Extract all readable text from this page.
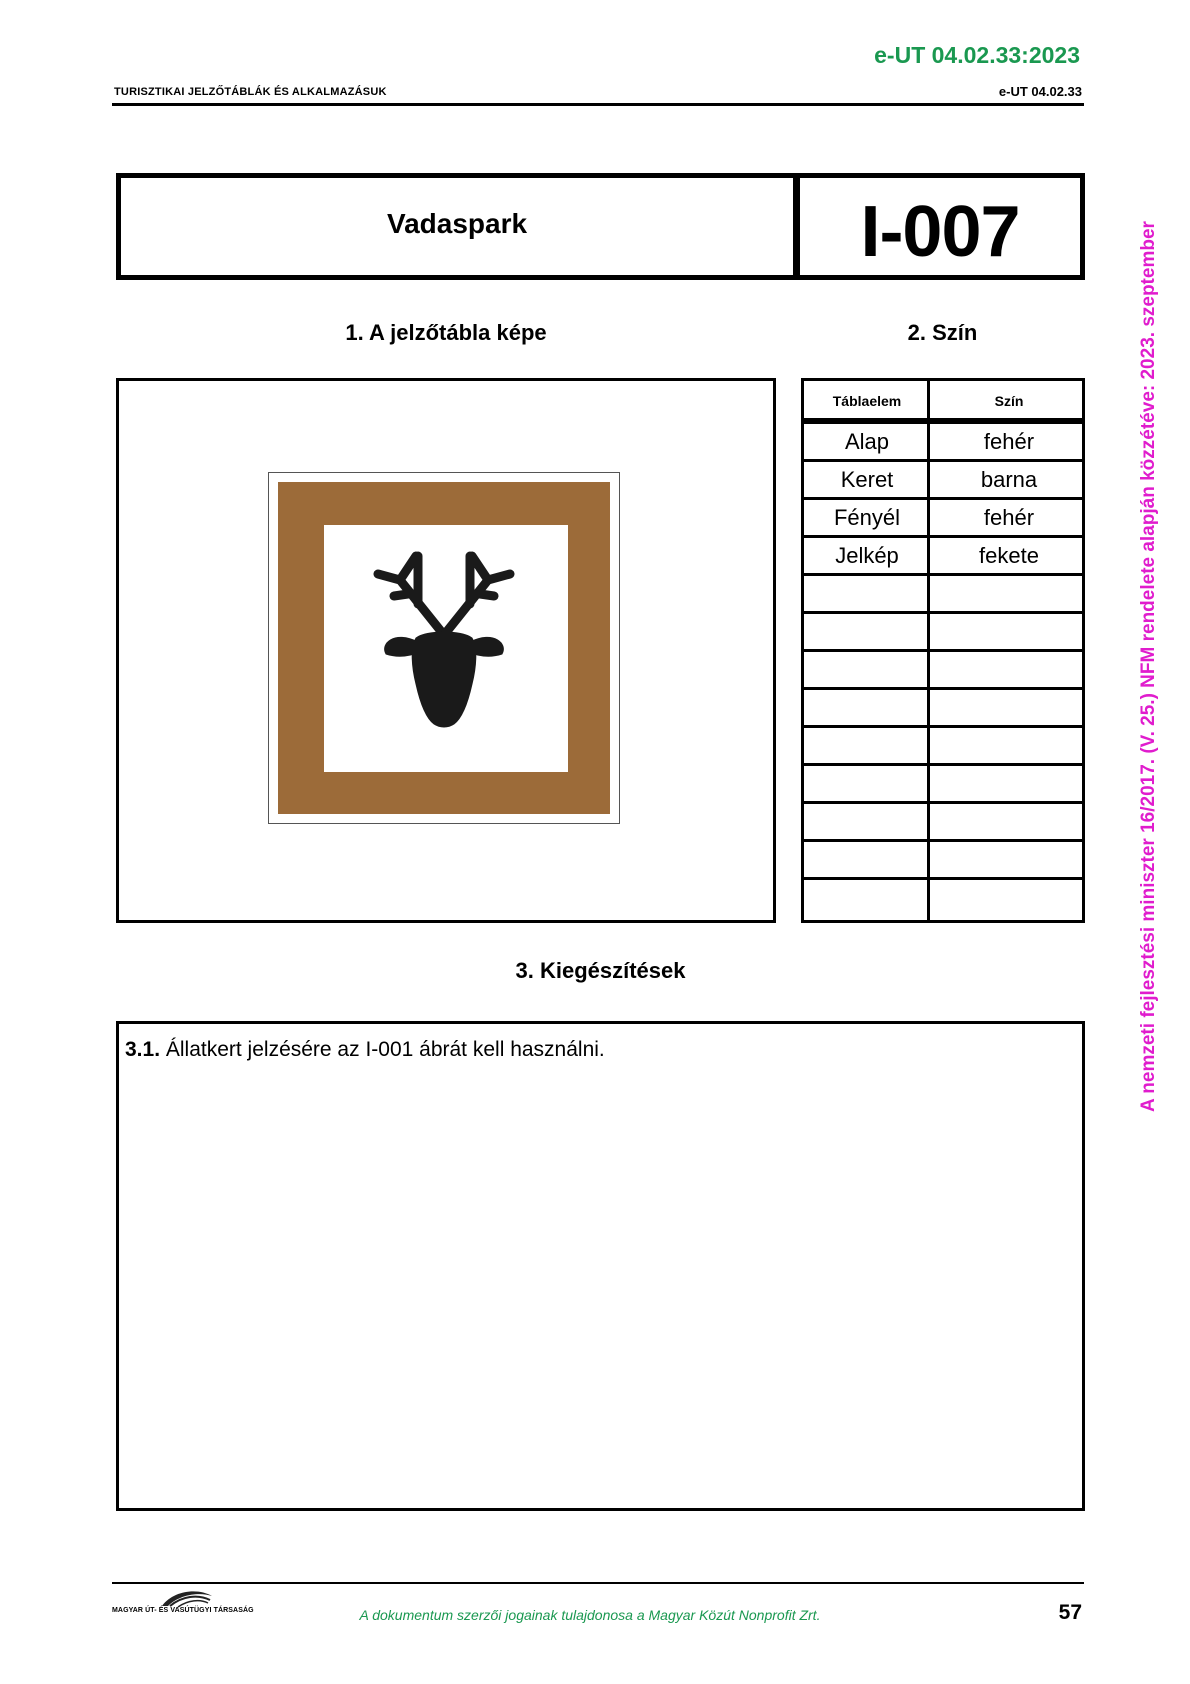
e-UT 04.02.33:2023
TURISZTIKAI JELZŐTÁBLÁK ÉS ALKALMAZÁSUK	e-UT 04.02.33
Vadaspark	I-007
1. A jelzőtábla képe	2. Szín
Táblaelem	Szín
Alap	fehér
Keret	barna
Fényél	fehér
Jelkép	fekete
3. Kiegészítések
3.1. Állatkert jelzésére az I-001 ábrát kell használni.	A nemzeti fejlesztési miniszter 16/2017. (V. 25.) NFM rendelete alapján közzétéve: 2023. szeptember
MAGYAR ÚT- ÉS VASÚTÜGYI TÁRSASÁG	A dokumentum szerzői jogainak tulajdonosa a Magyar Közút Nonprofit Zrt.	57
